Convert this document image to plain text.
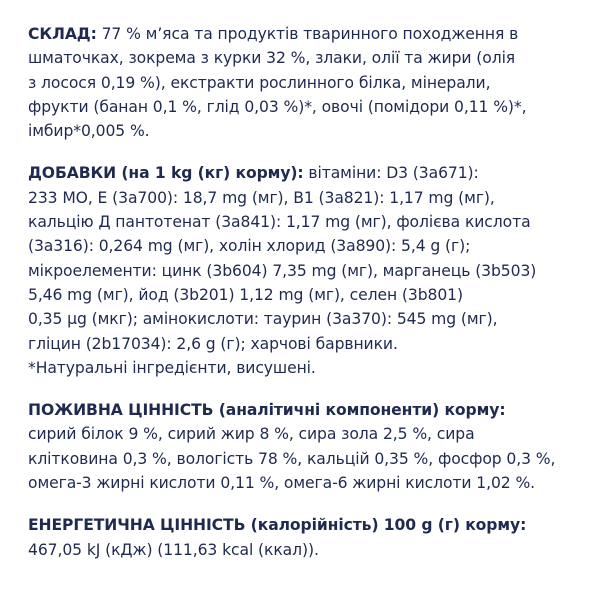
СКЛАД: 77 % м’яса та продуктів тваринного походження в
шматочках, зокрема з курки 32 %, злаки, олії та жири (олія
з лосося 0,19 %), екстракти рослинного білка, мінерали,
фрукти (банан 0,1 %, глід 0,03 %)*, овочі (помідори 0,11 %)*,
імбир*0,005 %.

ДОБАВКИ (на 1 kg (кг) корму): вітаміни: D3 (3a671):
233 МО, E (3a700): 18,7 mg (мг), B1 (3a821): 1,17 mg (мг),
кальцію Д пантотенат (3a841): 1,17 mg (мг), фолієва кислота
(3a316): 0,264 mg (мг), холін хлорид (3a890): 5,4 g (г);
мікроелементи: цинк (3b604) 7,35 mg (мг), марганець (3b503)
5,46 mg (мг), йод (3b201) 1,12 mg (мг), селен (3b801)
0,35 µg (мкг); амінокислоти: таурин (3a370): 545 mg (мг),
гліцин (2b17034): 2,6 g (г); харчові барвники.
*Натуральні інгредієнти, висушені.

ПОЖИВНА ЦІННІСТЬ (аналітичні компоненти) корму:
сирий білок 9 %, сирий жир 8 %, сира зола 2,5 %, сира
клітковина 0,3 %, вологість 78 %, кальцій 0,35 %, фосфор 0,3 %,
омега-3 жирні кислоти 0,11 %, омега-6 жирні кислоти 1,02 %.

ЕНЕРГЕТИЧНА ЦІННІСТЬ (калорійність) 100 g (г) корму:
467,05 kJ (кДж) (111,63 kcal (ккал)).
